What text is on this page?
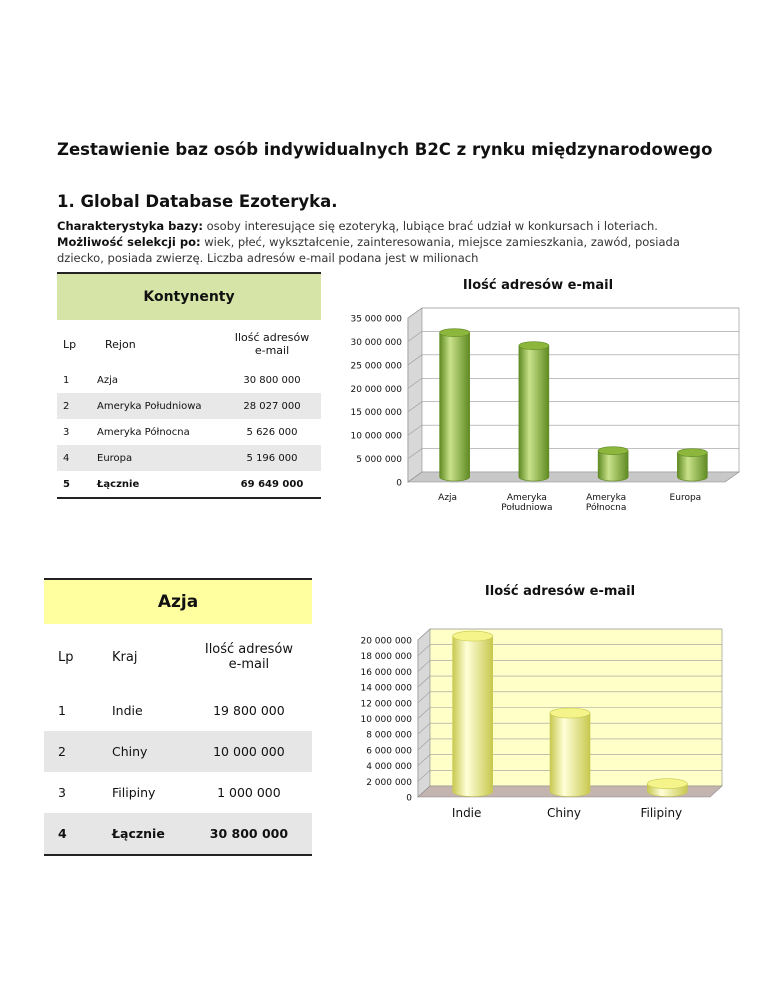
Zestawienie baz osób indywidualnych B2C z rynku międzynarodowego
1. Global Database Ezoteryka.
Charakterystyka bazy: osoby interesujące się ezoteryką, lubiące brać udział w konkursach i loteriach.
Możliwość selekcji po: wiek, płeć, wykształcenie, zainteresowania, miejsce zamieszkania, zawód, posiada dziecko, posiada zwierzę. Liczba adresów e-mail podana jest w milionach
Kontynenty		
Lp	Rejon	Ilość adresów
e-mail
1	Azja	30 800 000
2	Ameryka Południowa	28 027 000
3	Ameryka Północna	5 626 000
4	Europa	5 196 000
5	Łącznie	69 649 000
Azja		
Lp	Kraj	Ilość adresów
e-mail
1	Indie	19 800 000
2	Chiny	10 000 000
3	Filipiny	1 000 000
4	Łącznie	30 800 000
Ilość adresów e-mail
0
5 000 000
10 000 000
15 000 000
20 000 000
25 000 000
30 000 000
35 000 000
Azja	Ameryka Południowa
Ameryka Północna
Europa
Ilość adresów e-mail
0
2 000 000
4 000 000
6 000 000
8 000 000
10 000 000
12 000 000
14 000 000
16 000 000
18 000 000
20 000 000
Indie	Chiny	Filipiny
